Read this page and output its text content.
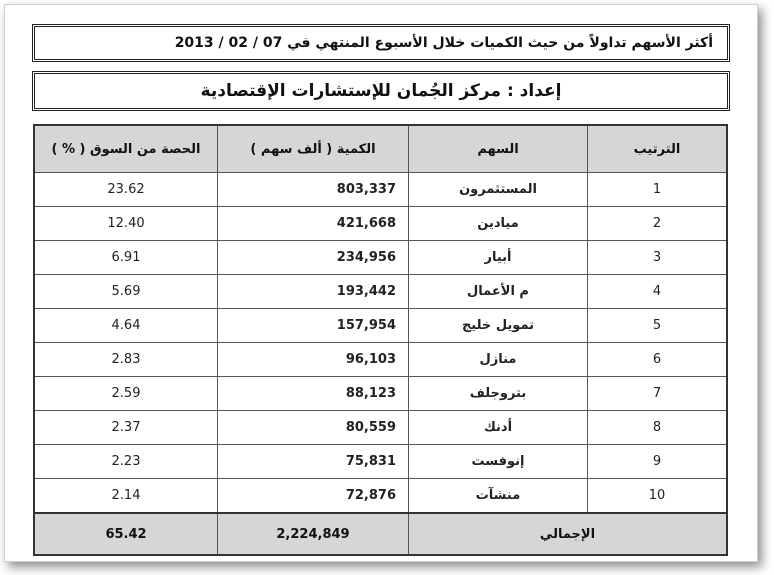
أكثر الأسهم تداولاً من حيث الكميات خلال الأسبوع المنتهي في 07 / 02 / 2013
إعداد : مركز الجُمان للإستشارات الإقتصادية
الترتيب	السهم	الكمية ( ألف سهم )	الحصة من السوق ( % )
1	المستثمرون	803,337	23.62
2	ميادين	421,668	12.40
3	أبيار	234,956	6.91
4	م الأعمال	193,442	5.69
5	تمويل خليج	157,954	4.64
6	منازل	96,103	2.83
7	بتروجلف	88,123	2.59
8	أدنك	80,559	2.37
9	إنوفست	75,831	2.23
10	منشآت	72,876	2.14
الإجمالي		2,224,849	65.42
